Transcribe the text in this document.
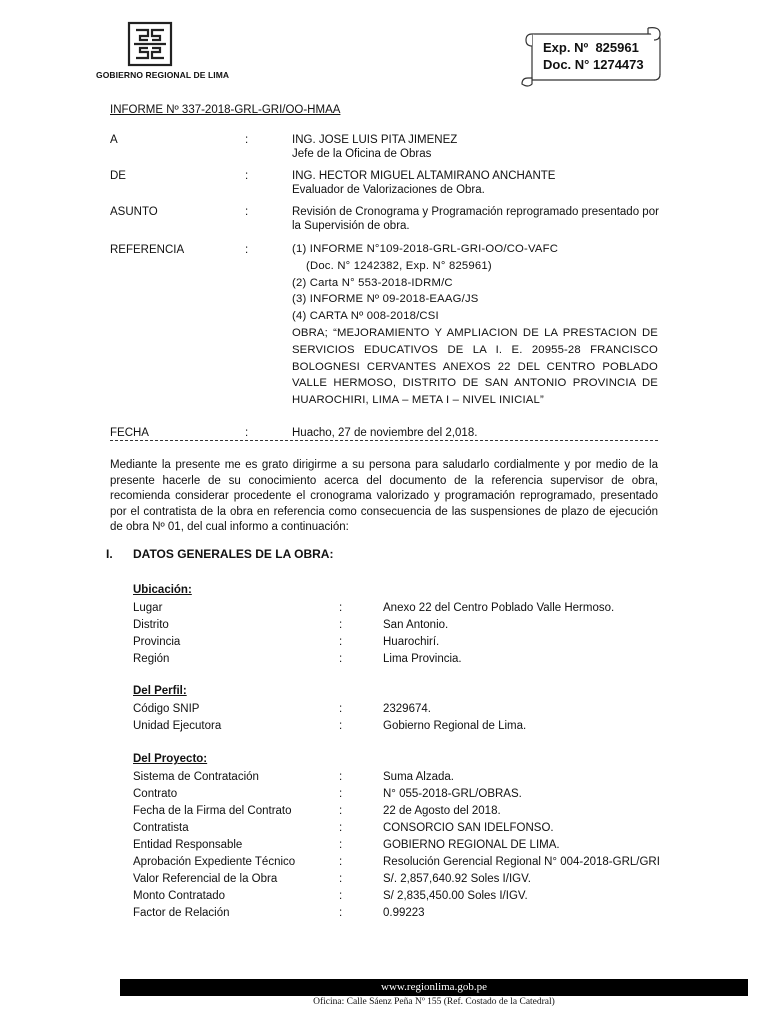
GOBIERNO REGIONAL DE LIMA
Exp. Nº 825961
Doc. N° 1274473
INFORME Nº 337-2018-GRL-GRI/OO-HMAA
A	:	ING. JOSE LUIS PITA JIMENEZ
Jefe de la Oficina de Obras
DE	:	ING. HECTOR MIGUEL ALTAMIRANO ANCHANTE
Evaluador de Valorizaciones de Obra.
ASUNTO	:	Revisión de Cronograma y Programación reprogramado presentado por
la Supervisión de obra.
REFERENCIA	:	(1) INFORME N°109-2018-GRL-GRI-OO/CO-VAFC
(Doc. N° 1242382, Exp. N° 825961)
(2) Carta N° 553-2018-IDRM/C
(3) INFORME Nº 09-2018-EAAG/JS
(4) CARTA Nº 008-2018/CSI
OBRA; “MEJORAMIENTO Y AMPLIACION DE LA PRESTACION DE
SERVICIOS EDUCATIVOS DE LA I. E. 20955-28 FRANCISCO
BOLOGNESI CERVANTES ANEXOS 22 DEL CENTRO POBLADO
VALLE HERMOSO, DISTRITO DE SAN ANTONIO PROVINCIA DE
HUAROCHIRI, LIMA – META I – NIVEL INICIAL”
FECHA	:	Huacho, 27 de noviembre del 2,018.
Mediante la presente me es grato dirigirme a su persona para saludarlo cordialmente y por medio de la presente hacerle de su conocimiento acerca del documento de la referencia supervisor de obra, recomienda considerar procedente el cronograma valorizado y programación reprogramado, presentado por el contratista de la obra en referencia como consecuencia de las suspensiones de plazo de ejecución de obra Nº 01, del cual informo a continuación:
I. DATOS GENERALES DE LA OBRA:
Ubicación:
Lugar	:	Anexo 22 del Centro Poblado Valle Hermoso.
Distrito	:	San Antonio.
Provincia	:	Huarochirí.
Región	:	Lima Provincia.
Del Perfil:
Código SNIP	:	2329674.
Unidad Ejecutora	:	Gobierno Regional de Lima.
Del Proyecto:
Sistema de Contratación	:	Suma Alzada.
Contrato	:	N° 055-2018-GRL/OBRAS.
Fecha de la Firma del Contrato	:	22 de Agosto del 2018.
Contratista	:	CONSORCIO SAN IDELFONSO.
Entidad Responsable	:	GOBIERNO REGIONAL DE LIMA.
Aprobación Expediente Técnico	:	Resolución Gerencial Regional N° 004-2018-GRL/GRI
Valor Referencial de la Obra	:	S/. 2,857,640.92 Soles I/IGV.
Monto Contratado	:	S/ 2,835,450.00 Soles I/IGV.
Factor de Relación	:	0.99223
www.regionlima.gob.pe
Oficina: Calle Sáenz Peña Nº 155 (Ref. Costado de la Catedral)
